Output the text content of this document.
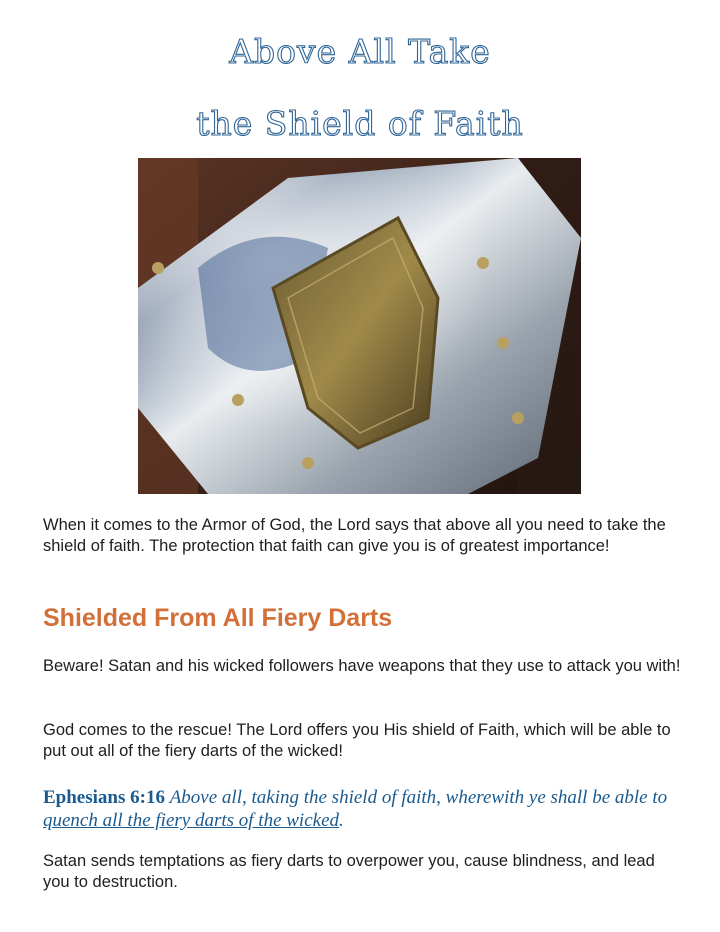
Above All Take
the Shield of Faith

When it comes to the Armor of God, the Lord says that above all you need to take the shield of faith. The protection that faith can give you is of greatest importance!

Shielded From All Fiery Darts

Beware! Satan and his wicked followers have weapons that they use to attack you with!

God comes to the rescue! The Lord offers you His shield of Faith, which will be able to put out all of the fiery darts of the wicked!

Ephesians 6:16 Above all, taking the shield of faith, wherewith ye shall be able to quench all the fiery darts of the wicked.

Satan sends temptations as fiery darts to overpower you, cause blindness, and lead you to destruction.
